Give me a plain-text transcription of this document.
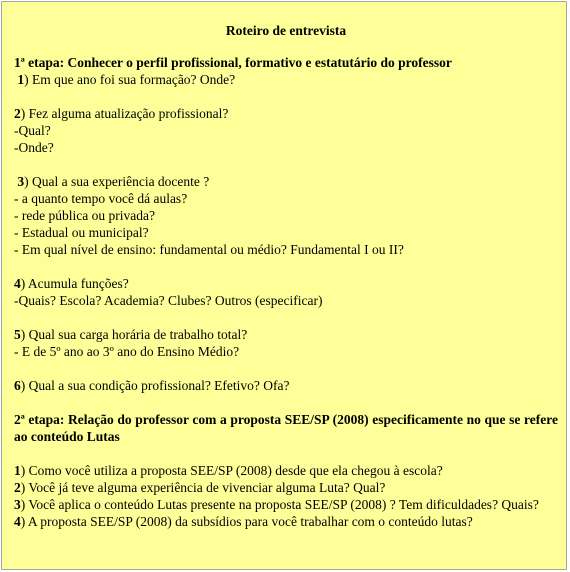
Roteiro de entrevista
1ª etapa: Conhecer o perfil profissional, formativo e estatutário do professor
1) Em que ano foi sua formação? Onde?
2) Fez alguma atualização profissional?
-Qual?
-Onde?
3) Qual a sua experiência docente ?
- a quanto tempo você dá aulas?
- rede pública ou privada?
- Estadual ou municipal?
- Em qual nível de ensino: fundamental ou médio? Fundamental I ou II?
4) Acumula funções?
-Quais? Escola? Academia? Clubes? Outros (especificar)
5) Qual sua carga horária de trabalho total?
- E de 5º ano ao 3º ano do Ensino Médio?
6) Qual a sua condição profissional? Efetivo? Ofa?
2ª etapa: Relação do professor com a proposta SEE/SP (2008) especificamente no que se refere ao conteúdo Lutas
1) Como você utiliza a proposta SEE/SP (2008) desde que ela chegou à escola?
2) Você já teve alguma experiência de vivenciar alguma Luta? Qual?
3) Você aplica o conteúdo Lutas presente na proposta SEE/SP (2008) ? Tem dificuldades? Quais?
4) A proposta SEE/SP (2008) da subsídios para você trabalhar com o conteúdo lutas?
